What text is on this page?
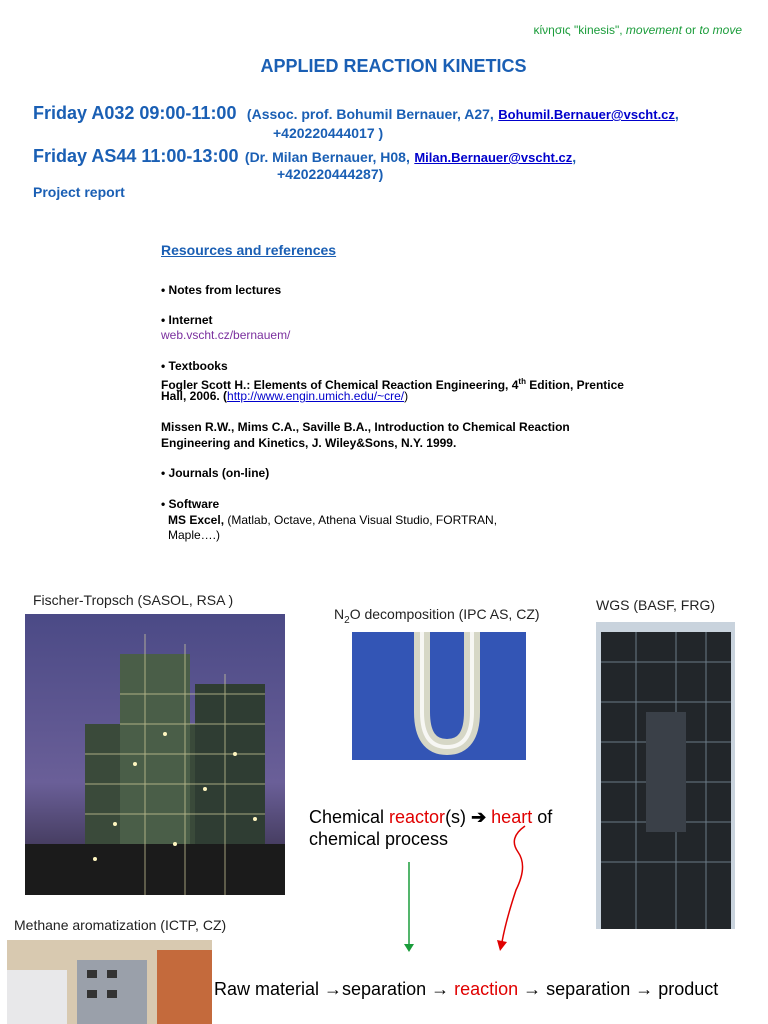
κίνησις "kinesis", movement or to move
APPLIED REACTION KINETICS
Friday A032 09:00-11:00 (Assoc. prof. Bohumil Bernauer, A27, Bohumil.Bernauer@vscht.cz,
+420220444017 )
Friday AS44 11:00-13:00 (Dr. Milan Bernauer, H08, Milan.Bernauer@vscht.cz,
+420220444287)
Project report
Resources and references
• Notes from lectures
• Internet
web.vscht.cz/bernauem/
• Textbooks
Fogler Scott H.: Elements of Chemical Reaction Engineering, 4th Edition, Prentice
Hall, 2006. (http://www.engin.umich.edu/~cre/)
Missen R.W., Mims C.A., Saville B.A., Introduction to Chemical Reaction
Engineering and Kinetics, J. Wiley&Sons, N.Y. 1999.
• Journals (on-line)
• Software
MS Excel, (Matlab, Octave, Athena Visual Studio, FORTRAN,
Maple….)
Fischer-Tropsch (SASOL, RSA )
$N_2O$ decomposition (IPC AS, CZ)
WGS (BASF, FRG)
Methane aromatization (ICTP, CZ)
Chemical reactor(s) ➔ heart of
chemical process
Raw material →separation → reaction → separation → product
